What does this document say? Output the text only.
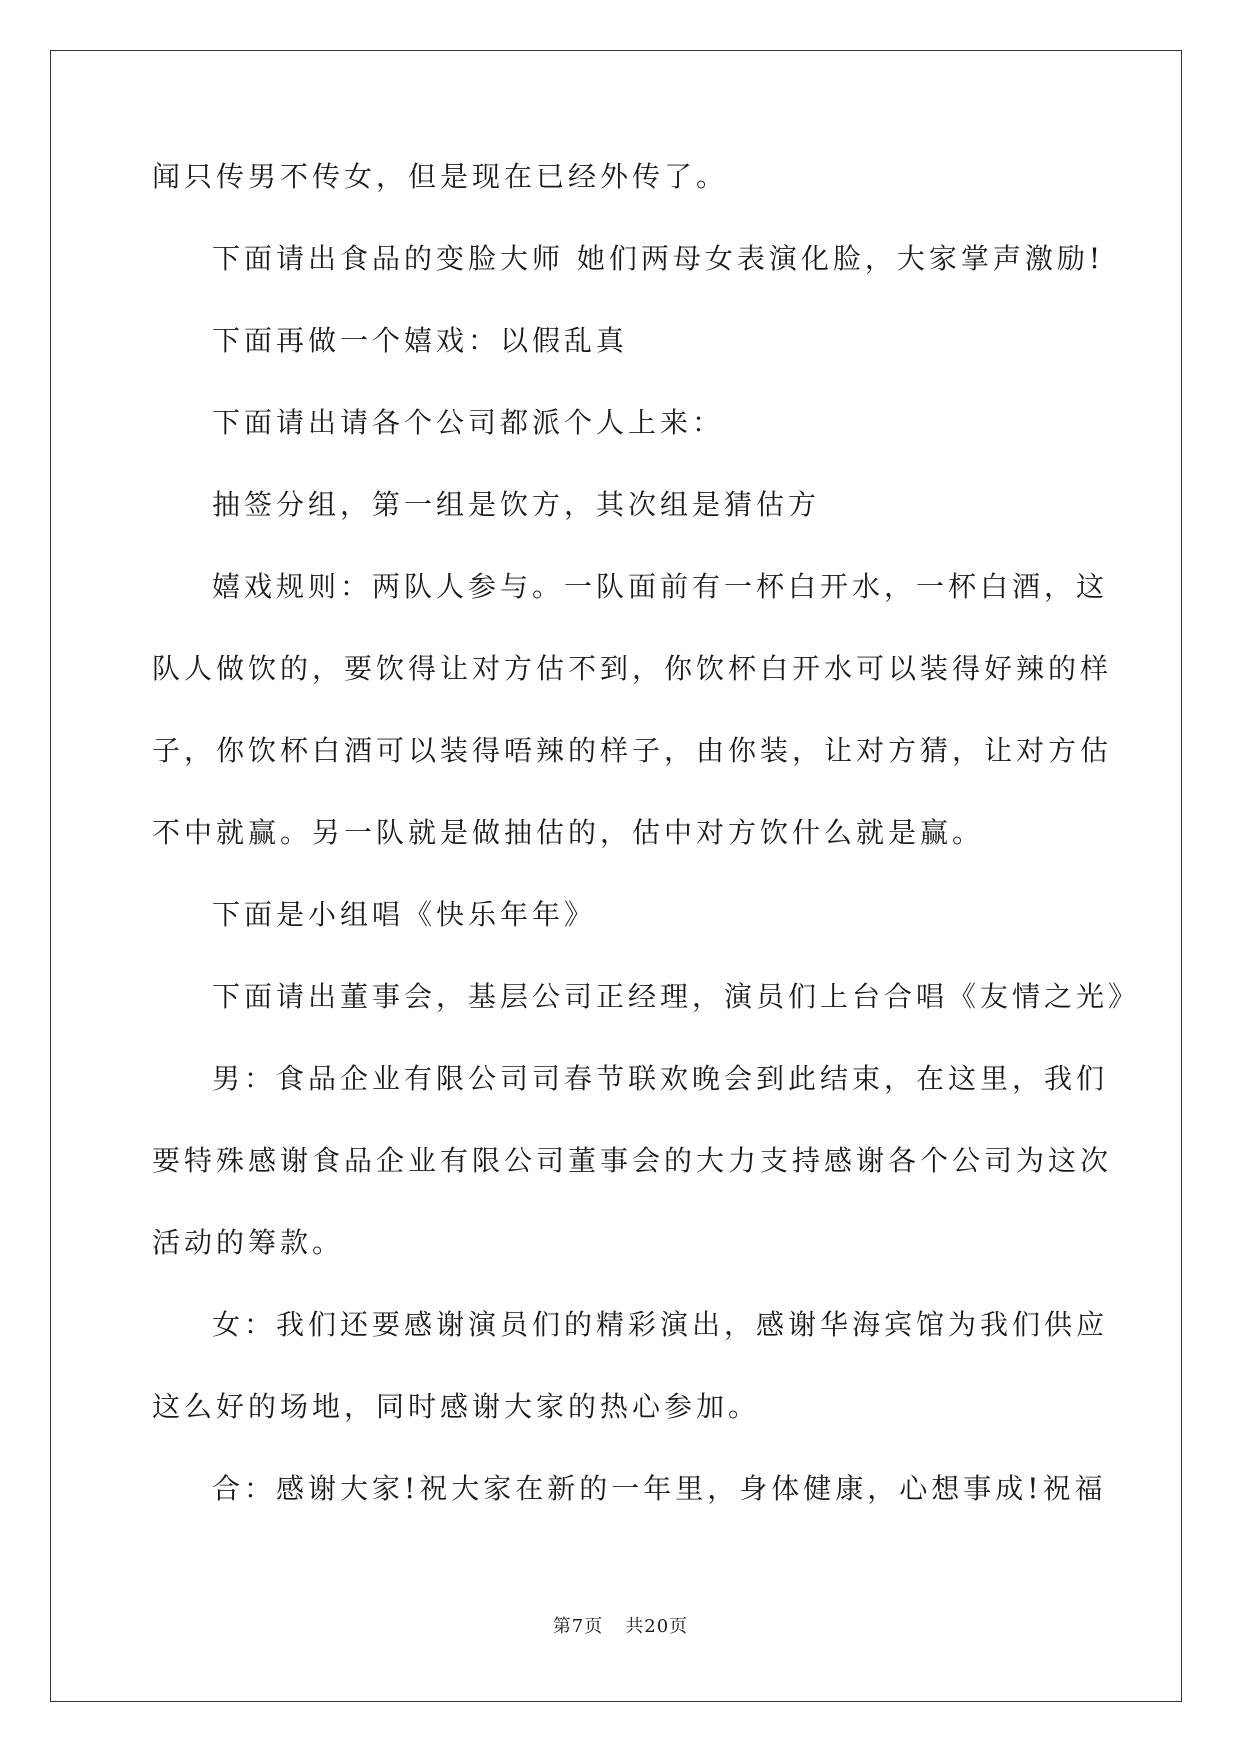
闻只传男不传女，但是现在已经外传了。
下面请出食品的变脸大师 她们两母女表演化脸，大家掌声激励!
下面再做一个嬉戏：以假乱真
下面请出请各个公司都派个人上来：
抽签分组，第一组是饮方，其次组是猜估方
嬉戏规则：两队人参与。一队面前有一杯白开水，一杯白酒，这
队人做饮的，要饮得让对方估不到，你饮杯白开水可以装得好辣的样
子，你饮杯白酒可以装得唔辣的样子，由你装，让对方猜，让对方估
不中就赢。另一队就是做抽估的，估中对方饮什么就是赢。
下面是小组唱《快乐年年》
下面请出董事会，基层公司正经理，演员们上台合唱《友情之光》
男：食品企业有限公司司春节联欢晚会到此结束，在这里，我们
要特殊感谢食品企业有限公司董事会的大力支持感谢各个公司为这次
活动的筹款。
女：我们还要感谢演员们的精彩演出，感谢华海宾馆为我们供应
这么好的场地，同时感谢大家的热心参加。
合：感谢大家!祝大家在新的一年里，身体健康，心想事成!祝福
第7页 共20页
